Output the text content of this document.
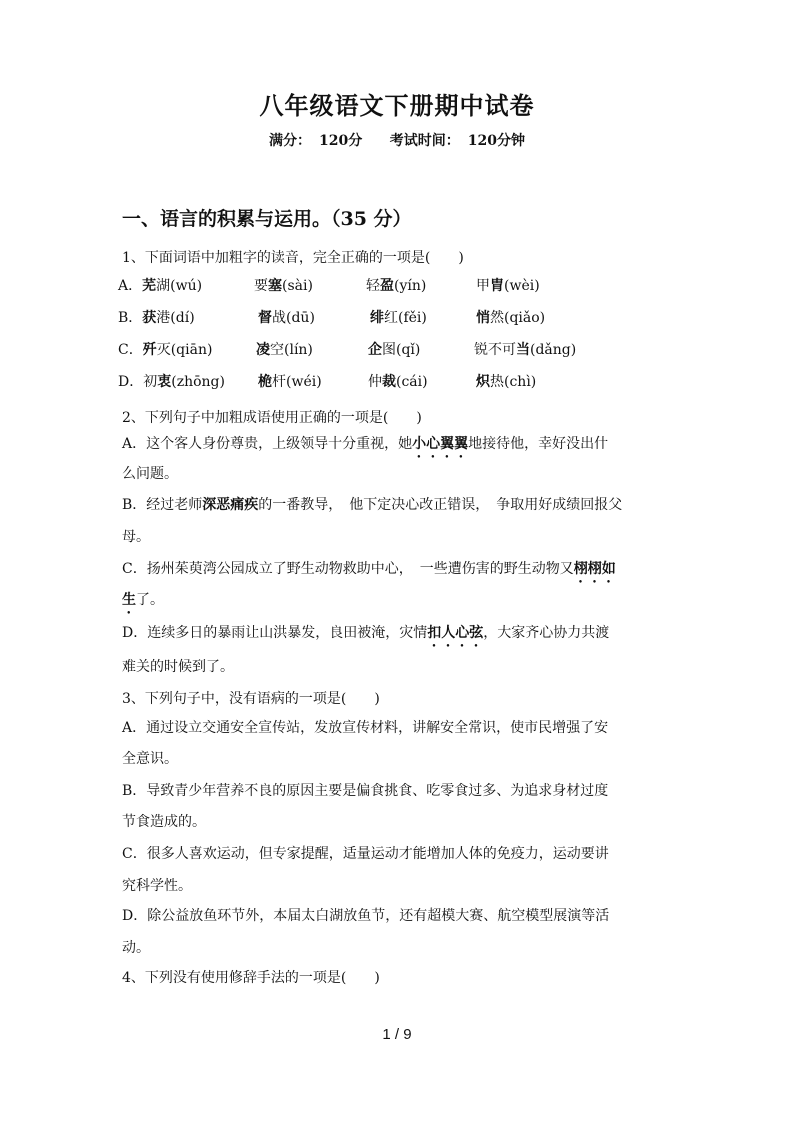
八年级语文下册期中试卷
满分： 120分 考试时间： 120分钟
一、语言的积累与运用。（35 分）
1、下面词语中加粗字的读音，完全正确的一项是(　　)
A．芜湖(wú)	要塞(sài)	轻盈(yín)	甲胄(wèi)
B．获港(dí)	督战(dū)	绯红(fěi)	悄然(qiǎo)
C．歼灭(qiān)	凌空(lín)	企图(qǐ)	锐不可当(dǎng)
D．初衷(zhōng) 桅杆(wéi)	仲裁(cái)	炽热(chì)
2、下列句子中加粗成语使用正确的一项是(　　)
A．这个客人身份尊贵，上级领导十分重视，她小心翼翼地接待他，幸好没出什
么问题。
B．经过老师深恶痛疾的一番教导，　他下定决心改正错误，　争取用好成绩回报父
母。
C．扬州茱萸湾公园成立了野生动物救助中心，　一些遭伤害的野生动物又栩栩如
生了。
D．连续多日的暴雨让山洪暴发，良田被淹，灾情扣人心弦，大家齐心协力共渡
难关的时候到了。
3、下列句子中，没有语病的一项是(　　)
A．通过设立交通安全宣传站，发放宣传材料，讲解安全常识，使市民增强了安
全意识。
B．导致青少年营养不良的原因主要是偏食挑食、吃零食过多、为追求身材过度
节食造成的。
C．很多人喜欢运动，但专家提醒，适量运动才能增加人体的免疫力，运动要讲
究科学性。
D．除公益放鱼环节外，本届太白湖放鱼节，还有超模大赛、航空模型展演等活
动。
4、下列没有使用修辞手法的一项是(　　)
1 / 9
